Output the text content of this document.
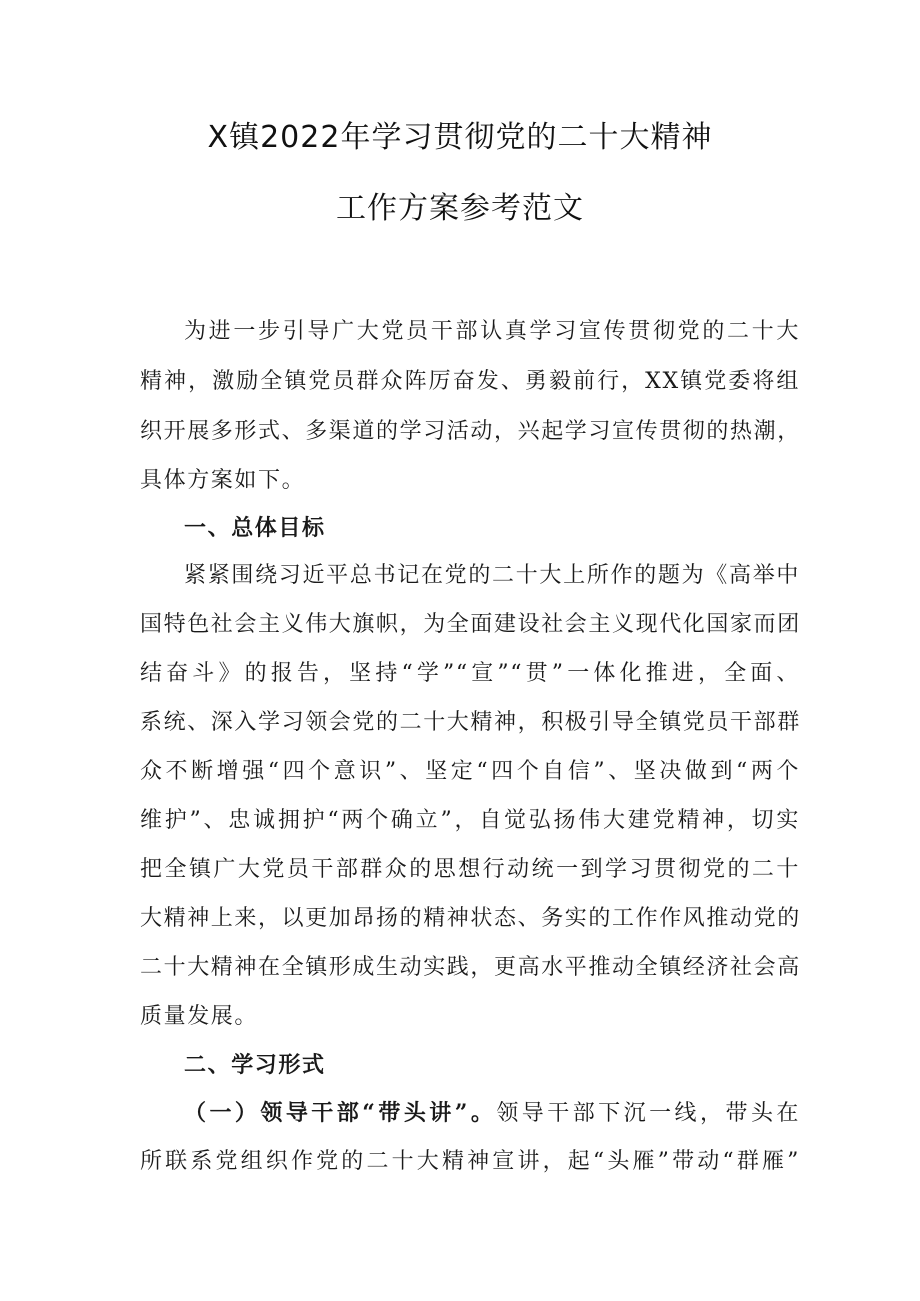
X镇2022年学习贯彻党的二十大精神
工作方案参考范文
为进一步引导广大党员干部认真学习宣传贯彻党的二十大
精神，激励全镇党员群众阵厉奋发、勇毅前行，XX镇党委将组
织开展多形式、多渠道的学习活动，兴起学习宣传贯彻的热潮，
具体方案如下。
一、总体目标
紧紧围绕习近平总书记在党的二十大上所作的题为《高举中
国特色社会主义伟大旗帜，为全面建设社会主义现代化国家而团
结奋斗》的报告，坚持“学”“宣”“贯”一体化推进，全面、
系统、深入学习领会党的二十大精神，积极引导全镇党员干部群
众不断增强“四个意识”、坚定“四个自信”、坚决做到“两个
维护”、忠诚拥护“两个确立”，自觉弘扬伟大建党精神，切实
把全镇广大党员干部群众的思想行动统一到学习贯彻党的二十
大精神上来，以更加昂扬的精神状态、务实的工作作风推动党的
二十大精神在全镇形成生动实践，更高水平推动全镇经济社会高
质量发展。
二、学习形式
（一）领导干部“带头讲”。领导干部下沉一线，带头在
所联系党组织作党的二十大精神宣讲，起“头雁”带动“群雁”
